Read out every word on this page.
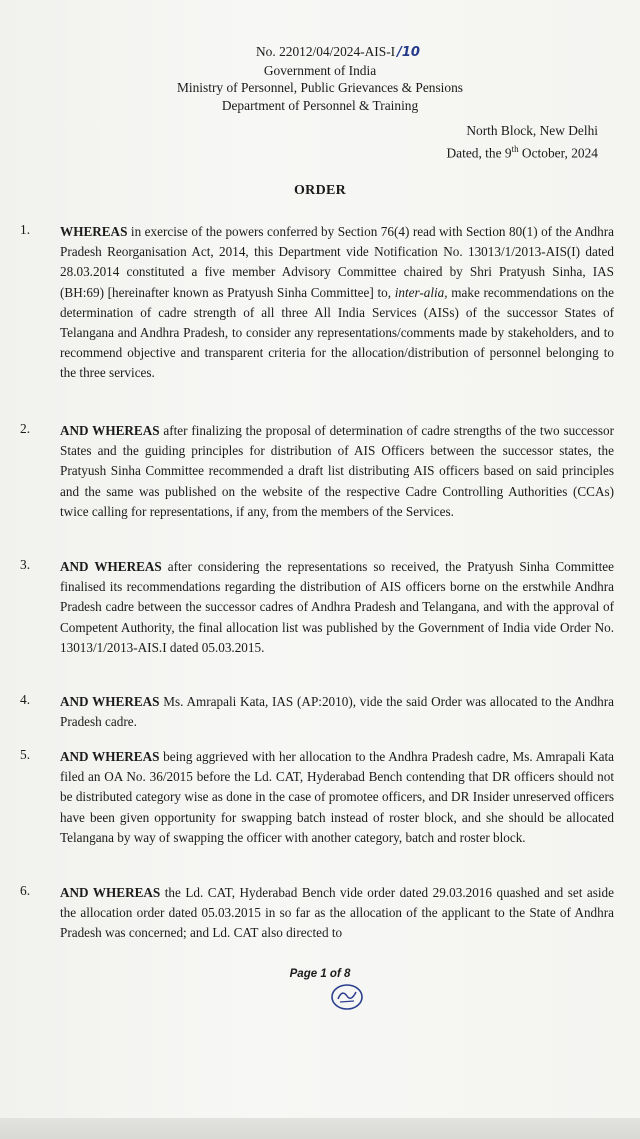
No. 22012/04/2024-AIS-I /10
Government of India
Ministry of Personnel, Public Grievances & Pensions
Department of Personnel & Training
North Block, New Delhi
Dated, the 9th October, 2024
ORDER
1. WHEREAS in exercise of the powers conferred by Section 76(4) read with Section 80(1) of the Andhra Pradesh Reorganisation Act, 2014, this Department vide Notification No. 13013/1/2013-AIS(I) dated 28.03.2014 constituted a five member Advisory Committee chaired by Shri Pratyush Sinha, IAS (BH:69) [hereinafter known as Pratyush Sinha Committee] to, inter-alia, make recommendations on the determination of cadre strength of all three All India Services (AISs) of the successor States of Telangana and Andhra Pradesh, to consider any representations/comments made by stakeholders, and to recommend objective and transparent criteria for the allocation/distribution of personnel belonging to the three services.
2. AND WHEREAS after finalizing the proposal of determination of cadre strengths of the two successor States and the guiding principles for distribution of AIS Officers between the successor states, the Pratyush Sinha Committee recommended a draft list distributing AIS officers based on said principles and the same was published on the website of the respective Cadre Controlling Authorities (CCAs) twice calling for representations, if any, from the members of the Services.
3. AND WHEREAS after considering the representations so received, the Pratyush Sinha Committee finalised its recommendations regarding the distribution of AIS officers borne on the erstwhile Andhra Pradesh cadre between the successor cadres of Andhra Pradesh and Telangana, and with the approval of Competent Authority, the final allocation list was published by the Government of India vide Order No. 13013/1/2013-AIS.I dated 05.03.2015.
4. AND WHEREAS Ms. Amrapali Kata, IAS (AP:2010), vide the said Order was allocated to the Andhra Pradesh cadre.
5. AND WHEREAS being aggrieved with her allocation to the Andhra Pradesh cadre, Ms. Amrapali Kata filed an OA No. 36/2015 before the Ld. CAT, Hyderabad Bench contending that DR officers should not be distributed category wise as done in the case of promotee officers, and DR Insider unreserved officers have been given opportunity for swapping batch instead of roster block, and she should be allocated Telangana by way of swapping the officer with another category, batch and roster block.
6. AND WHEREAS the Ld. CAT, Hyderabad Bench vide order dated 29.03.2016 quashed and set aside the allocation order dated 05.03.2015 in so far as the allocation of the applicant to the State of Andhra Pradesh was concerned; and Ld. CAT also directed to
Page 1 of 8
